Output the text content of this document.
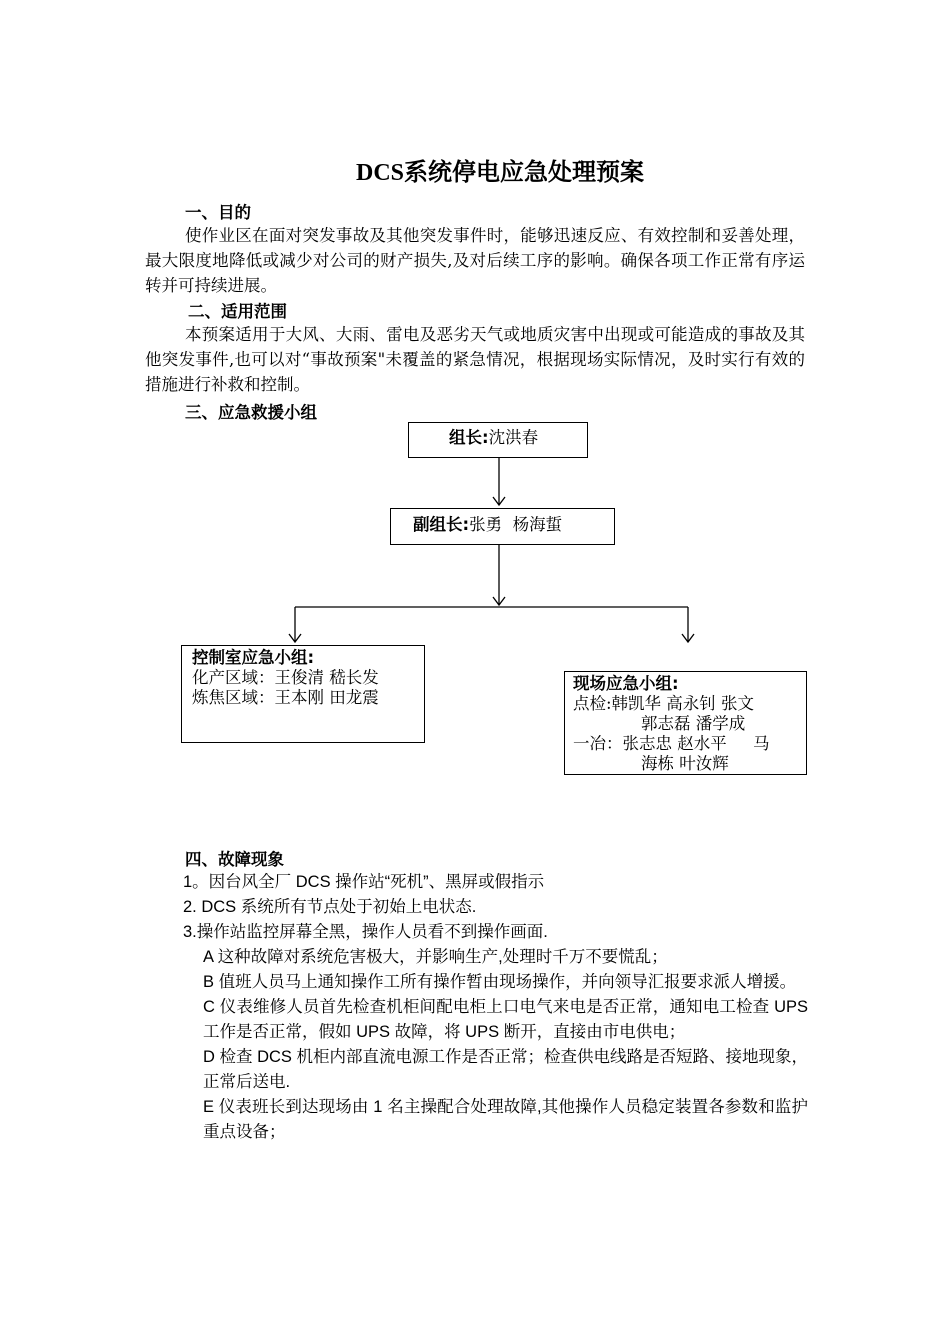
DCS系统停电应急处理预案
一、目的

使作业区在面对突发事故及其他突发事件时，能够迅速反应、有效控制和妥善处理，最大限度地降低或减少对公司的财产损失,及对后续工序的影响。确保各项工作正常有序运转并可持续进展。

二、适用范围

本预案适用于大风、大雨、雷电及恶劣天气或地质灾害中出现或可能造成的事故及其他突发事件,也可以对“事故预案"未覆盖的紧急情况，根据现场实际情况，及时实行有效的措施进行补救和控制。

三、应急救援小组
组长:沈洪春
副组长:张勇  杨海蜇
控制室应急小组:
化产区域：王俊清 嵇长发
炼焦区域：王本刚 田龙震
现场应急小组:
点检:韩凯华 高永钊 张文
郭志磊 潘学成
一冶：张志忠 赵水平     马
海栋 叶汝辉
四、故障现象
1。因台风全厂 DCS 操作站“死机”、黑屏或假指示
2. DCS 系统所有节点处于初始上电状态.
3.操作站监控屏幕全黑，操作人员看不到操作画面.
A 这种故障对系统危害极大，并影响生产,处理时千万不要慌乱；
B 值班人员马上通知操作工所有操作暂由现场操作，并向领导汇报要求派人增援。
C 仪表维修人员首先检查机柜间配电柜上口电气来电是否正常，通知电工检查 UPS 工作是否正常，假如 UPS 故障，将 UPS 断开，直接由市电供电；
D 检查 DCS 机柜内部直流电源工作是否正常；检查供电线路是否短路、接地现象，正常后送电.
E 仪表班长到达现场由 1 名主操配合处理故障,其他操作人员稳定装置各参数和监护重点设备；
